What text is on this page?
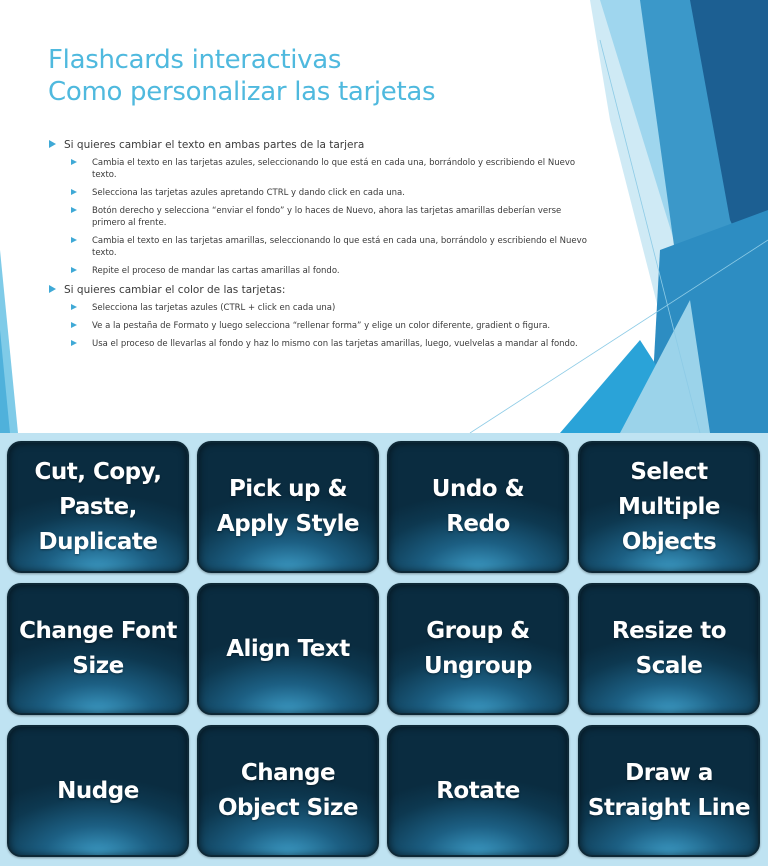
Flashcards interactivas
Como personalizar las tarjetas
Si quieres cambiar el texto en ambas partes de la tarjera
Cambia el texto en las tarjetas azules, seleccionando lo que está en cada una, borrándolo y escribiendo el Nuevo texto.
Selecciona las tarjetas azules apretando CTRL y dando click en cada una.
Botón derecho y selecciona “enviar el fondo” y lo haces de Nuevo, ahora las tarjetas amarillas deberían verse primero al frente.
Cambia el texto en las tarjetas amarillas, seleccionando lo que está en cada una, borrándolo y escribiendo el Nuevo texto.
Repite el proceso de mandar las cartas amarillas al fondo.
Si quieres cambiar el color de las tarjetas:
Selecciona las tarjetas azules (CTRL + click en cada una)
Ve a la pestaña de Formato y luego selecciona “rellenar forma” y elige un color diferente, gradient o figura.
Usa el proceso de llevarlas al fondo y haz lo mismo con las tarjetas amarillas, luego, vuelvelas a mandar al fondo.
Cut, Copy,
Paste,
Duplicate
Pick up &
Apply Style
Undo &
Redo
Select
Multiple
Objects
Change Font
Size
Align Text
Group &
Ungroup
Resize to
Scale
Nudge
Change
Object Size
Rotate
Draw a
Straight Line
